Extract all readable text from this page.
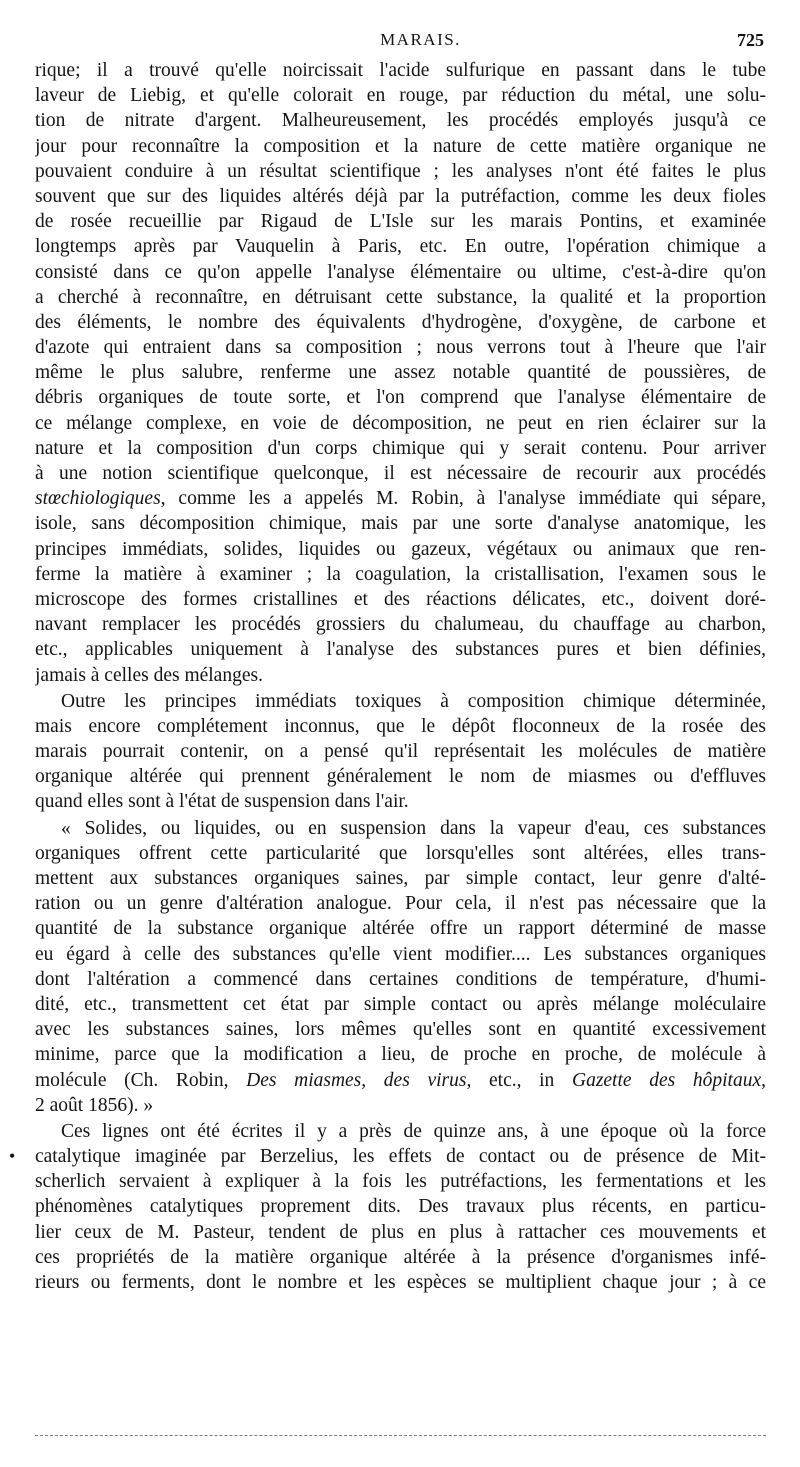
MARAIS.	725
rique; il a trouvé qu'elle noircissait l'acide sulfurique en passant dans le tube
laveur de Liebig, et qu'elle colorait en rouge, par réduction du métal, une solu-
tion de nitrate d'argent. Malheureusement, les procédés employés jusqu'à ce
jour pour reconnaître la composition et la nature de cette matière organique ne
pouvaient conduire à un résultat scientifique ; les analyses n'ont été faites le plus
souvent que sur des liquides altérés déjà par la putréfaction, comme les deux fioles
de rosée recueillie par Rigaud de L'Isle sur les marais Pontins, et examinée
longtemps après par Vauquelin à Paris, etc. En outre, l'opération chimique a
consisté dans ce qu'on appelle l'analyse élémentaire ou ultime, c'est-à-dire qu'on
a cherché à reconnaître, en détruisant cette substance, la qualité et la proportion
des éléments, le nombre des équivalents d'hydrogène, d'oxygène, de carbone et
d'azote qui entraient dans sa composition ; nous verrons tout à l'heure que l'air
même le plus salubre, renferme une assez notable quantité de poussières, de
débris organiques de toute sorte, et l'on comprend que l'analyse élémentaire de
ce mélange complexe, en voie de décomposition, ne peut en rien éclairer sur la
nature et la composition d'un corps chimique qui y serait contenu. Pour arriver
à une notion scientifique quelconque, il est nécessaire de recourir aux procédés
stœchiologiques, comme les a appelés M. Robin, à l'analyse immédiate qui sépare,
isole, sans décomposition chimique, mais par une sorte d'analyse anatomique, les
principes immédiats, solides, liquides ou gazeux, végétaux ou animaux que ren-
ferme la matière à examiner ; la coagulation, la cristallisation, l'examen sous le
microscope des formes cristallines et des réactions délicates, etc., doivent doré-
navant remplacer les procédés grossiers du chalumeau, du chauffage au charbon,
etc., applicables uniquement à l'analyse des substances pures et bien définies,
jamais à celles des mélanges.
Outre les principes immédiats toxiques à composition chimique déterminée,
mais encore complétement inconnus, que le dépôt floconneux de la rosée des
marais pourrait contenir, on a pensé qu'il représentait les molécules de matière
organique altérée qui prennent généralement le nom de miasmes ou d'effluves
quand elles sont à l'état de suspension dans l'air.
« Solides, ou liquides, ou en suspension dans la vapeur d'eau, ces substances
organiques offrent cette particularité que lorsqu'elles sont altérées, elles trans-
mettent aux substances organiques saines, par simple contact, leur genre d'alté-
ration ou un genre d'altération analogue. Pour cela, il n'est pas nécessaire que la
quantité de la substance organique altérée offre un rapport déterminé de masse
eu égard à celle des substances qu'elle vient modifier.... Les substances organiques
dont l'altération a commencé dans certaines conditions de température, d'humi-
dité, etc., transmettent cet état par simple contact ou après mélange moléculaire
avec les substances saines, lors mêmes qu'elles sont en quantité excessivement
minime, parce que la modification a lieu, de proche en proche, de molécule à
molécule (Ch. Robin, Des miasmes, des virus, etc., in Gazette des hôpitaux,
2 août 1856). »
Ces lignes ont été écrites il y a près de quinze ans, à une époque où la force
catalytique imaginée par Berzelius, les effets de contact ou de présence de Mit-
scherlich servaient à expliquer à la fois les putréfactions, les fermentations et les
phénomènes catalytiques proprement dits. Des travaux plus récents, en particu-
lier ceux de M. Pasteur, tendent de plus en plus à rattacher ces mouvements et
ces propriétés de la matière organique altérée à la présence d'organismes infé-
rieurs ou ferments, dont le nombre et les espèces se multiplient chaque jour ; à ce
•
